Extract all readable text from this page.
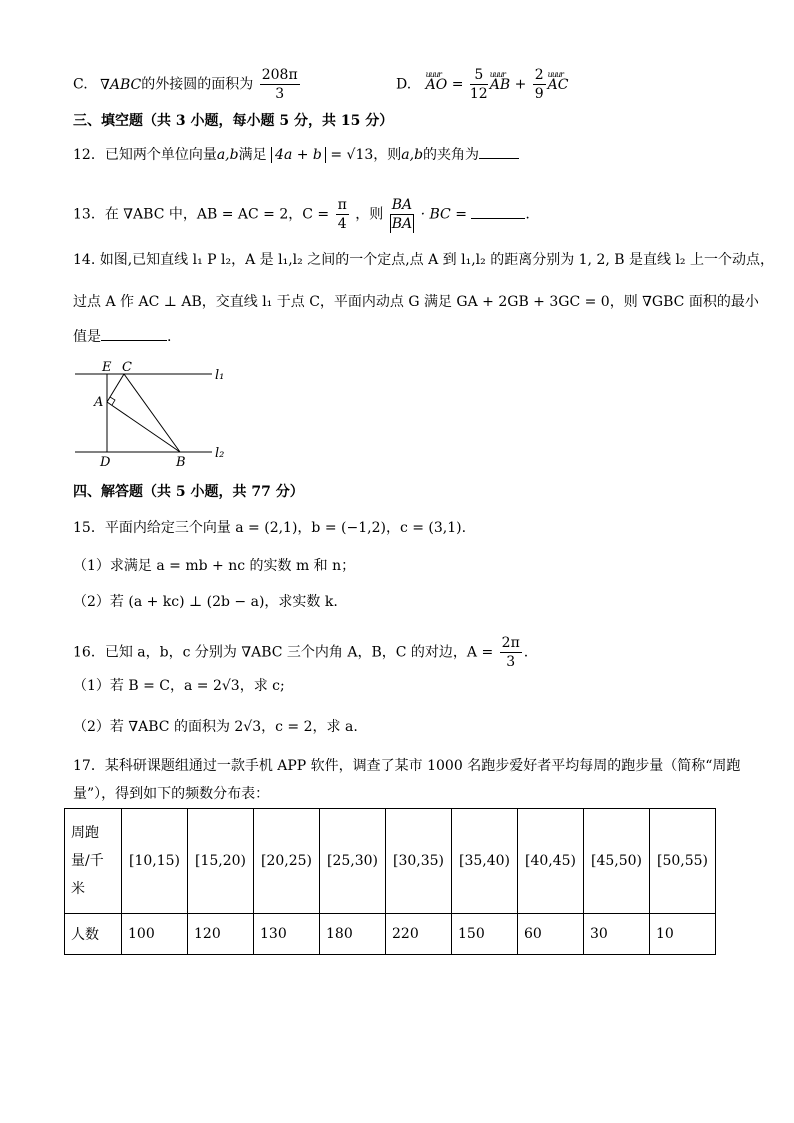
C. ∇ABC的外接圆的面积为 $\frac{208\pi}{3}$	D. uuur AO = $\frac{5}{12}$ uuur AB + $\frac{2}{9}$ uuur AC
三、填空题（共 3 小题，每小题 5 分，共 15 分）
12．已知两个单位向量a,b满足 4a + b = √13，则a,b的夹角为
13．在 ∇ABC 中，AB = AC = 2，$C = \frac{\pi}{4}$ ，则 $\frac{BA}{BA}$ · BC =	.
14. 如图,已知直线 l₁ P l₂，A 是 l₁,l₂ 之间的一个定点,点 A 到 l₁,l₂ 的距离分别为 1, 2, B 是直线 l₂ 上一个动点，
过点 A 作 AC ⊥ AB，交直线 l₁ 于点 C，平面内动点 G 满足 GA + 2GB + 3GC = 0，则 ∇GBC 面积的最小
值是	.
E C
A
D	B
l₁
l₂
四、解答题（共 5 小题，共 77 分）
15．平面内给定三个向量 a = (2,1)，b = (−1,2)，c = (3,1).
（1）求满足 a = mb + nc 的实数 m 和 n；
（2）若 (a + kc) ⊥ (2b − a)，求实数 k.
16．已知 a，b，c 分别为 ∇ABC 三个内角 A，B，C 的对边，$A = \frac{2\pi}{3}$ .
（1）若 B = C，a = 2√3，求 c;
（2）若 ∇ABC 的面积为 2√3，c = 2，求 a.
17．某科研课题组通过一款手机 APP 软件，调查了某市 1000 名跑步爱好者平均每周的跑步量（简称“周跑
量”），得到如下的频数分布表：
周跑
量/千
米	[10,15)	[15,20)	[20,25)	[25,30)	[30,35)	[35,40)	[40,45)	[45,50)	[50,55)
人数	100	120	130	180	220	150	60	30	10
